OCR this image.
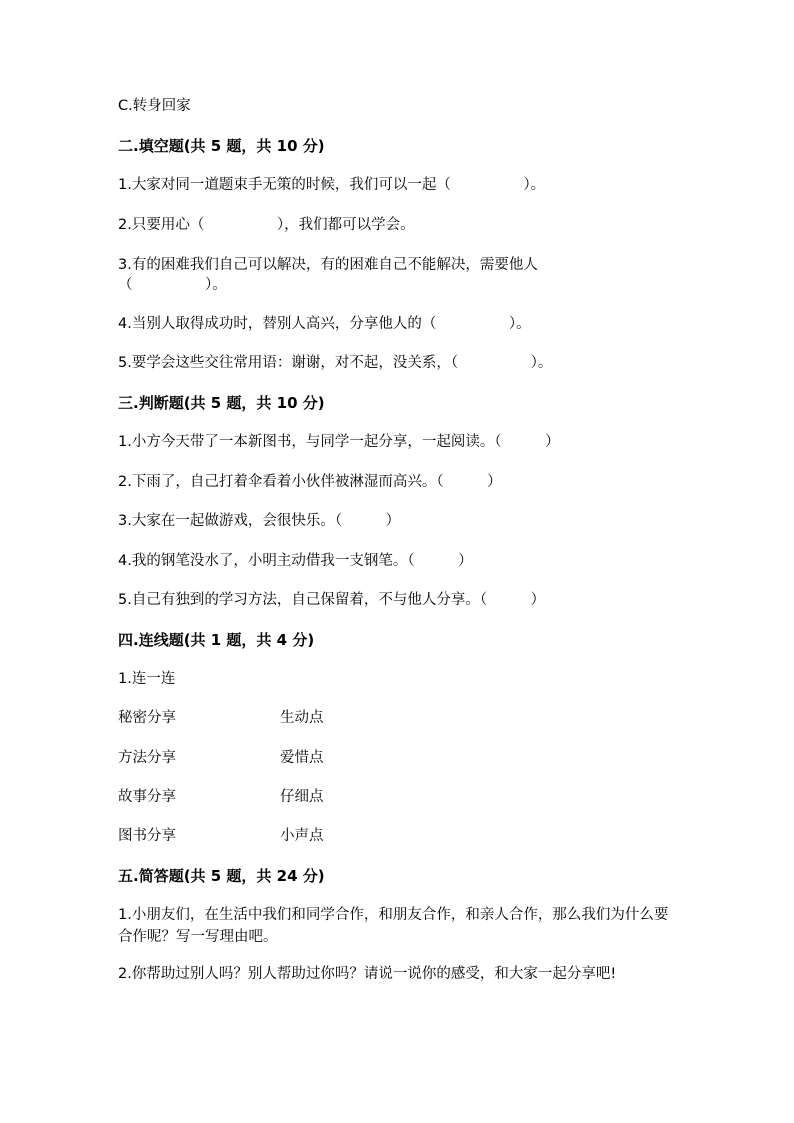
C.转身回家
二.填空题(共 5 题，共 10 分)
1.大家对同一道题束手无策的时候，我们可以一起（　　　　　）。
2.只要用心（　　　　　），我们都可以学会。
3.有的困难我们自己可以解决，有的困难自己不能解决，需要他人
（　　　　　）。
4.当别人取得成功时，替别人高兴，分享他人的（　　　　　）。
5.要学会这些交往常用语：谢谢，对不起，没关系，（　　　　　）。
三.判断题(共 5 题，共 10 分)
1.小方今天带了一本新图书，与同学一起分享，一起阅读。（　　　）
2.下雨了，自己打着伞看着小伙伴被淋湿而高兴。（　　　）
3.大家在一起做游戏，会很快乐。（　　　）
4.我的钢笔没水了，小明主动借我一支钢笔。（　　　）
5.自己有独到的学习方法，自己保留着，不与他人分享。（　　　）
四.连线题(共 1 题，共 4 分)
1.连一连
秘密分享	生动点
方法分享	爱惜点
故事分享	仔细点
图书分享	小声点
五.简答题(共 5 题，共 24 分)
1.小朋友们，在生活中我们和同学合作，和朋友合作，和亲人合作，那么我们为什么要合作呢？写一写理由吧。
2.你帮助过别人吗？别人帮助过你吗？请说一说你的感受，和大家一起分享吧!
